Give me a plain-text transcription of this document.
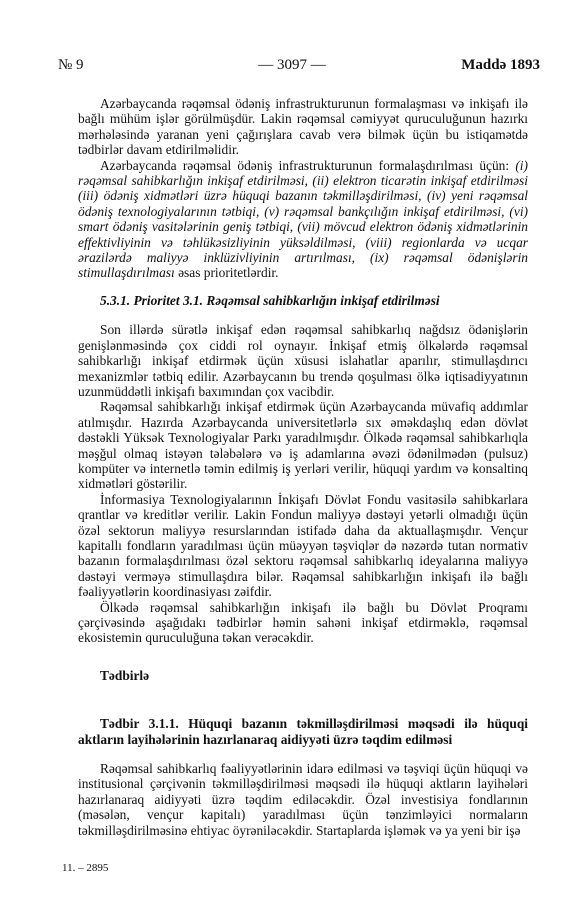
№ 9	— 3097 —	Maddə 1893

Azərbaycanda rəqəmsal ödəniş infrastrukturunun formalaşması və inkişafı ilə bağlı mühüm işlər görülmüşdür. Lakin rəqəmsal cəmiyyət quruculuğunun hazırkı mərhələsində yaranan yeni çağırışlara cavab verə bilmək üçün bu istiqamətdə tədbirlər davam etdirilməlidir.

Azərbaycanda rəqəmsal ödəniş infrastrukturunun formalaşdırılması üçün: (i) rəqəmsal sahibkarlığın inkişaf etdirilməsi, (ii) elektron ticarətin inkişaf etdirilməsi (iii) ödəniş xidmətləri üzrə hüquqi bazanın təkmilləşdirilməsi, (iv) yeni rəqəmsal ödəniş texnologiyalarının tətbiqi, (v) rəqəmsal bankçılığın inkişaf etdirilməsi, (vi) smart ödəniş vasitələrinin geniş tətbiqi, (vii) mövcud elektron ödəniş xidmətlərinin effektivliyinin və təhlükəsizliyinin yüksəldilməsi, (viii) regionlarda və ucqar ərazilərdə maliyyə inklüzivliyinin artırılması, (ix) rəqəmsal ödənişlərin stimullaşdırılması əsas prioritetlərdir.

5.3.1. Prioritet 3.1. Rəqəmsal sahibkarlığın inkişaf etdirilməsi

Son illərdə sürətlə inkişaf edən rəqəmsal sahibkarlıq nağdsız ödənişlərin genişlənməsində çox ciddi rol oynayır. İnkişaf etmiş ölkələrdə rəqəmsal sahibkarlığı inkişaf etdirmək üçün xüsusi islahatlar aparılır, stimullaşdırıcı mexanizmlər tətbiq edilir. Azərbaycanın bu trendə qoşulması ölkə iqtisadiyyatının uzunmüddətli inkişafı baxımından çox vacibdir.

Rəqəmsal sahibkarlığı inkişaf etdirmək üçün Azərbaycanda müvafiq addımlar atılmışdır. Hazırda Azərbaycanda universitetlərlə sıx əməkdaşlıq edən dövlət dəstəkli Yüksək Texnologiyalar Parkı yaradılmışdır. Ölkədə rəqəmsal sahibkarlıqla məşğul olmaq istəyən tələbələrə və iş adamlarına əvəzi ödənilmədən (pulsuz) kompüter və internetlə təmin edilmiş iş yerləri verilir, hüquqi yardım və konsaltinq xidmətləri göstərilir.

İnformasiya Texnologiyalarının İnkişafı Dövlət Fondu vasitəsilə sahibkarlara qrantlar və kreditlər verilir. Lakin Fondun maliyyə dəstəyi yetərli olmadığı üçün özəl sektorun maliyyə resurslarından istifadə daha da aktuallaşmışdır. Vençur kapitallı fondların yaradılması üçün müəyyən təşviqlər də nəzərdə tutan normativ bazanın formalaşdırılması özəl sektoru rəqəmsal sahibkarlıq ideyalarına maliyyə dəstəyi verməyə stimullaşdıra bilər. Rəqəmsal sahibkarlığın inkişafı ilə bağlı fəaliyyətlərin koordinasiyası zəifdir.

Ölkədə rəqəmsal sahibkarlığın inkişafı ilə bağlı bu Dövlət Proqramı çərçivəsində aşağıdakı tədbirlər həmin sahəni inkişaf etdirməklə, rəqəmsal ekosistemin quruculuğuna təkan verəcəkdir.

Tədbirlə

Tədbir 3.1.1. Hüquqi bazanın təkmilləşdirilməsi məqsədi ilə hüquqi aktların layihələrinin hazırlanaraq aidiyyəti üzrə təqdim edilməsi

Rəqəmsal sahibkarlıq fəaliyyətlərinin idarə edilməsi və təşviqi üçün hüquqi və institusional çərçivənin təkmilləşdirilməsi məqsədi ilə hüquqi aktların layihələri hazırlanaraq aidiyyəti üzrə təqdim ediləcəkdir. Özəl investisiya fondlarının (məsələn, vençur kapitalı) yaradılması üçün tənzimləyici normaların təkmilləşdirilməsinə ehtiyac öyrəniləcəkdir. Startaplarda işləmək və ya yeni bir işə

11. – 2895
